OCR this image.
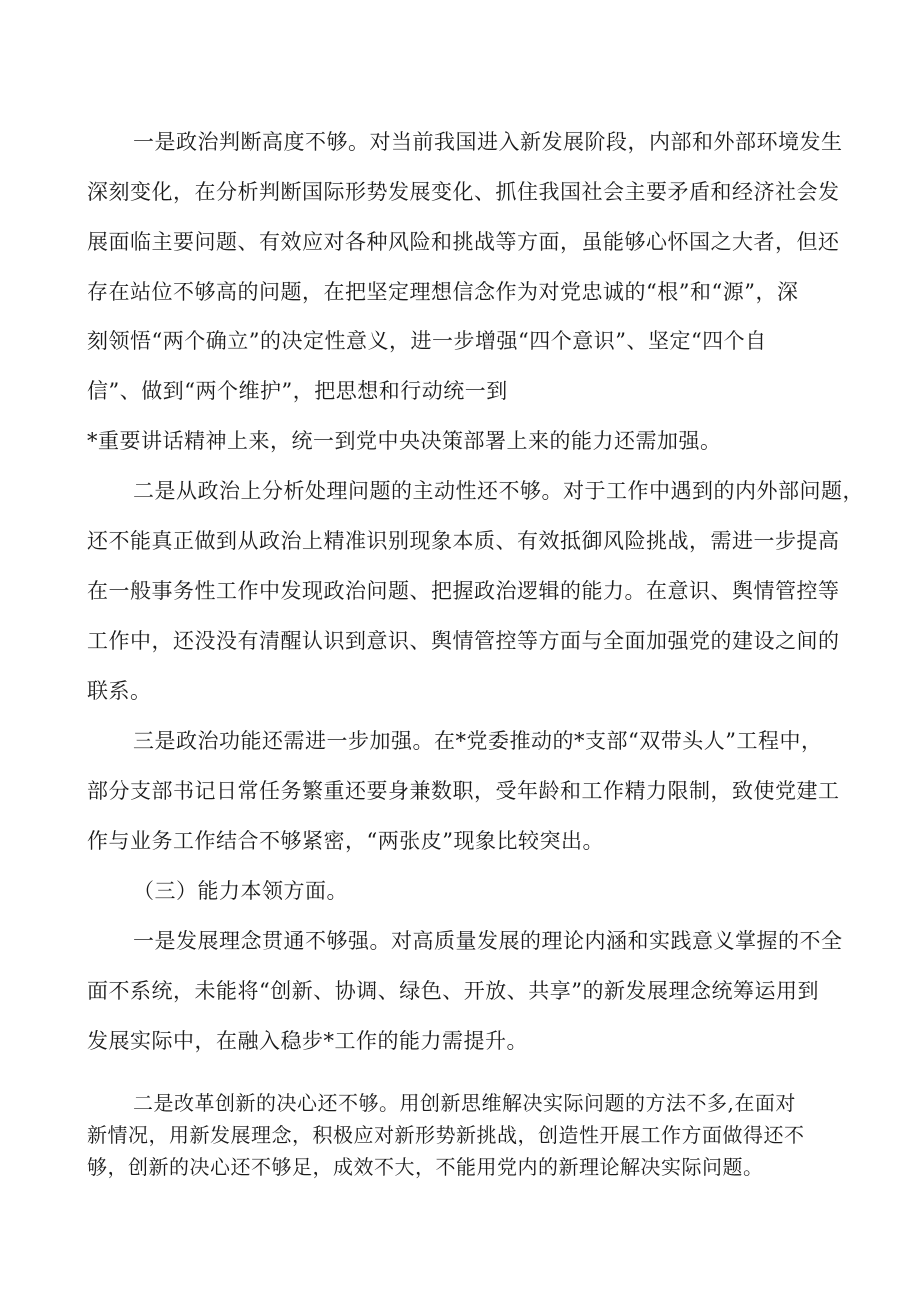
一是政治判断高度不够。对当前我国进入新发展阶段，内部和外部环境发生
深刻变化，在分析判断国际形势发展变化、抓住我国社会主要矛盾和经济社会发
展面临主要问题、有效应对各种风险和挑战等方面，虽能够心怀国之大者，但还
存在站位不够高的问题，在把坚定理想信念作为对党忠诚的“根”和“源”，深
刻领悟“两个确立”的决定性意义，进一步增强“四个意识”、坚定“四个自
信”、做到“两个维护”，把思想和行动统一到
*重要讲话精神上来，统一到党中央决策部署上来的能力还需加强。
二是从政治上分析处理问题的主动性还不够。对于工作中遇到的内外部问题，
还不能真正做到从政治上精准识别现象本质、有效抵御风险挑战，需进一步提高
在一般事务性工作中发现政治问题、把握政治逻辑的能力。在意识、舆情管控等
工作中，还没没有清醒认识到意识、舆情管控等方面与全面加强党的建设之间的
联系。
三是政治功能还需进一步加强。在*党委推动的*支部“双带头人”工程中，
部分支部书记日常任务繁重还要身兼数职，受年龄和工作精力限制，致使党建工
作与业务工作结合不够紧密，“两张皮”现象比较突出。
（三）能力本领方面。
一是发展理念贯通不够强。对高质量发展的理论内涵和实践意义掌握的不全
面不系统，未能将“创新、协调、绿色、开放、共享”的新发展理念统筹运用到
发展实际中，在融入稳步*工作的能力需提升。
二是改革创新的决心还不够。用创新思维解决实际问题的方法不多,在面对
新情况，用新发展理念，积极应对新形势新挑战，创造性开展工作方面做得还不
够，创新的决心还不够足，成效不大，不能用党内的新理论解决实际问题。
